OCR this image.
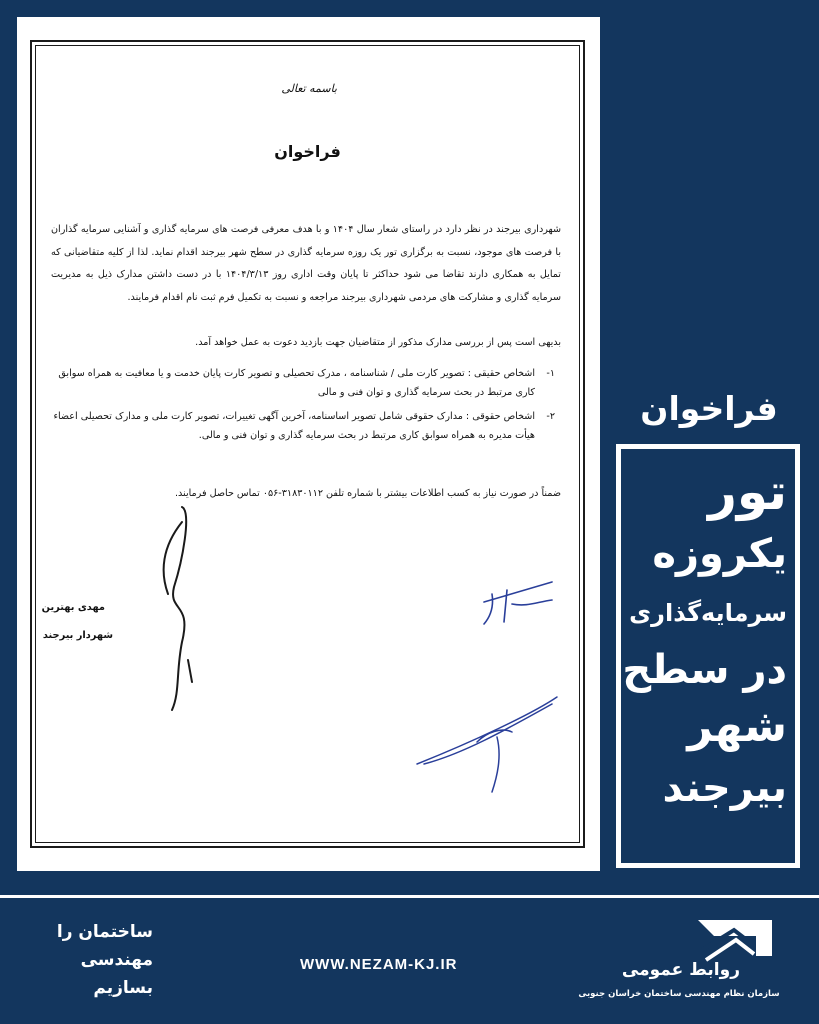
باسمه تعالی
فراخوان
شهرداری بیرجند در نظر دارد در راستای شعار سال ۱۴۰۴ و با هدف معرفی فرصت های سرمایه گذاری و آشنایی سرمایه گذاران با فرصت های موجود، نسبت به برگزاری تور یک روزه سرمایه گذاری در سطح شهر بیرجند اقدام نماید. لذا از کلیه متقاضیانی که تمایل به همکاری دارند تقاضا می شود حداکثر تا پایان وقت اداری روز ۱۴۰۴/۳/۱۳ با در دست داشتن مدارک ذیل به مدیریت سرمایه گذاری و مشارکت های مردمی شهرداری بیرجند مراجعه و نسبت به تکمیل فرم ثبت نام اقدام فرمایند.
بدیهی است پس از بررسی مدارک مذکور از متقاضیان جهت بازدید دعوت به عمل خواهد آمد.
۱-
اشخاص حقیقی : تصویر کارت ملی / شناسنامه ، مدرک تحصیلی و تصویر کارت پایان خدمت و یا معافیت به همراه سوابق کاری مرتبط در بحث سرمایه گذاری و توان فنی و مالی
۲-
اشخاص حقوقی : مدارک حقوقی شامل تصویر اساسنامه، آخرین آگهی تغییرات، تصویر کارت ملی و مدارک تحصیلی اعضاء هیأت مدیره به همراه سوابق کاری مرتبط در بحث سرمایه گذاری و توان فنی و مالی.
ضمناً در صورت نیاز به کسب اطلاعات بیشتر با شماره تلفن ۳۱۸۳۰۱۱۲-۰۵۶ تماس حاصل فرمایند.
مهدی بهترین
شهردار بیرجند
فراخوان
تور
یکروزه
سرمایه‌گذاری
در سطح
شهر
بیرجند
ساختمان را
مهندسی
بسازیم
WWW.NEZAM-KJ.IR	روابط عمومی
سازمان نظام مهندسی ساختمان خراسان جنوبی
